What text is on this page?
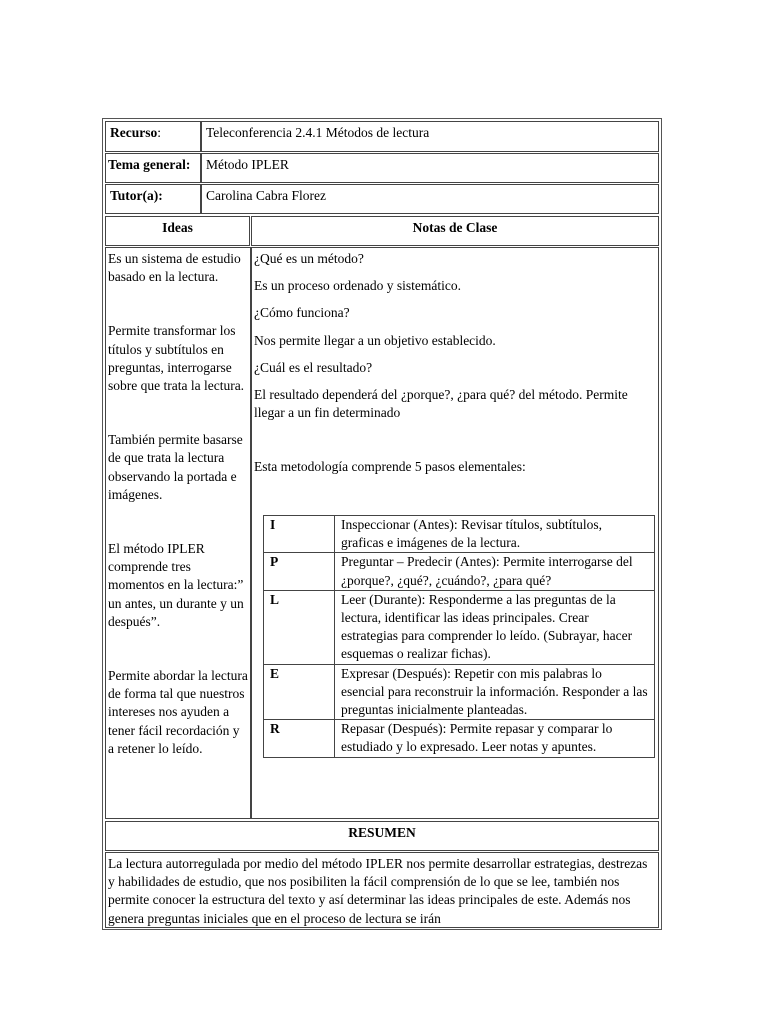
Recurso:	Teleconferencia 2.4.1 Métodos de lectura
Tema general:	Método IPLER
Tutor(a):	Carolina Cabra Florez
Ideas	Notas de Clase

Es un sistema de estudio basado en la lectura.

Permite transformar los títulos y subtítulos en preguntas, interrogarse sobre que trata la lectura.

También permite basarse de que trata la lectura observando la portada e imágenes.

El método IPLER comprende tres momentos en la lectura:” un antes, un durante y un después”.

Permite abordar la lectura de forma tal que nuestros intereses nos ayuden a tener fácil recordación y a retener lo leído.

¿Qué es un método?

Es un proceso ordenado y sistemático.

¿Cómo funciona?

Nos permite llegar a un objetivo establecido.

¿Cuál es el resultado?

El resultado dependerá del ¿porque?, ¿para qué? del método. Permite llegar a un fin determinado

Esta metodología comprende 5 pasos elementales:

I	Inspeccionar (Antes): Revisar títulos, subtítulos, graficas e imágenes de la lectura.
P	Preguntar – Predecir (Antes): Permite interrogarse del ¿porque?, ¿qué?, ¿cuándo?, ¿para qué?
L	Leer (Durante): Responderme a las preguntas de la lectura, identificar las ideas principales. Crear estrategias para comprender lo leído. (Subrayar, hacer esquemas o realizar fichas).
E	Expresar (Después): Repetir con mis palabras lo esencial para reconstruir la información. Responder a las preguntas inicialmente planteadas.
R	Repasar (Después): Permite repasar y comparar lo estudiado y lo expresado. Leer notas y apuntes.
RESUMEN
La lectura autorregulada por medio del método IPLER nos permite desarrollar estrategias, destrezas y habilidades de estudio, que nos posibiliten la fácil comprensión de lo que se lee, también nos permite conocer la estructura del texto y así determinar las ideas principales de este. Además nos genera preguntas iniciales que en el proceso de lectura se irán
